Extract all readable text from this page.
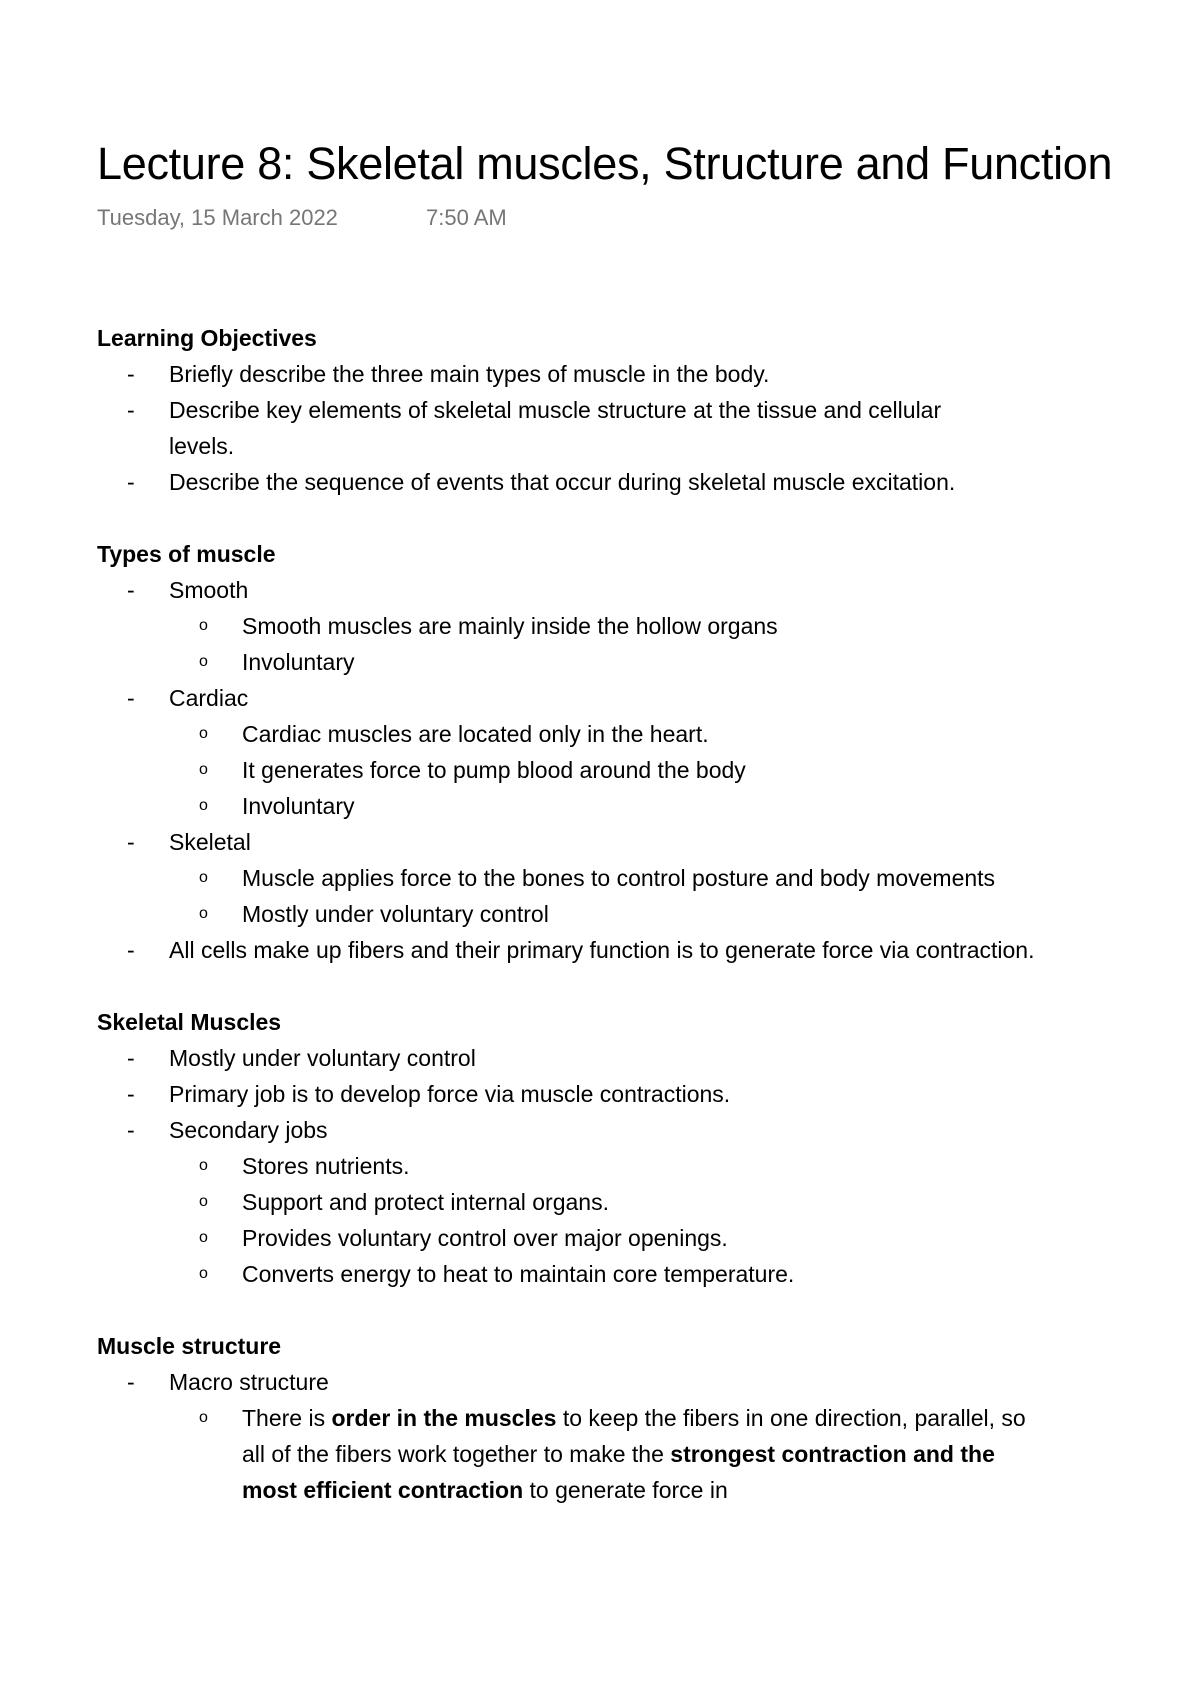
Lecture 8: Skeletal muscles, Structure and Function
Tuesday, 15 March 2022	7:50 AM
Learning Objectives
-	Briefly describe the three main types of muscle in the body.
-	Describe key elements of skeletal muscle structure at the tissue and cellular levels.
-	Describe the sequence of events that occur during skeletal muscle excitation.
Types of muscle
-	Smooth
o	Smooth muscles are mainly inside the hollow organs
o	Involuntary
-	Cardiac
o	Cardiac muscles are located only in the heart.
o	It generates force to pump blood around the body
o	Involuntary
-	Skeletal
o	Muscle applies force to the bones to control posture and body movements
o	Mostly under voluntary control
-	All cells make up fibers and their primary function is to generate force via contraction.
Skeletal Muscles
-	Mostly under voluntary control
-	Primary job is to develop force via muscle contractions.
-	Secondary jobs
o	Stores nutrients.
o	Support and protect internal organs.
o	Provides voluntary control over major openings.
o	Converts energy to heat to maintain core temperature.
Muscle structure
-	Macro structure
o	There is order in the muscles to keep the fibers in one direction, parallel, so all of the fibers work together to make the strongest contraction and the most efficient contraction to generate force in
